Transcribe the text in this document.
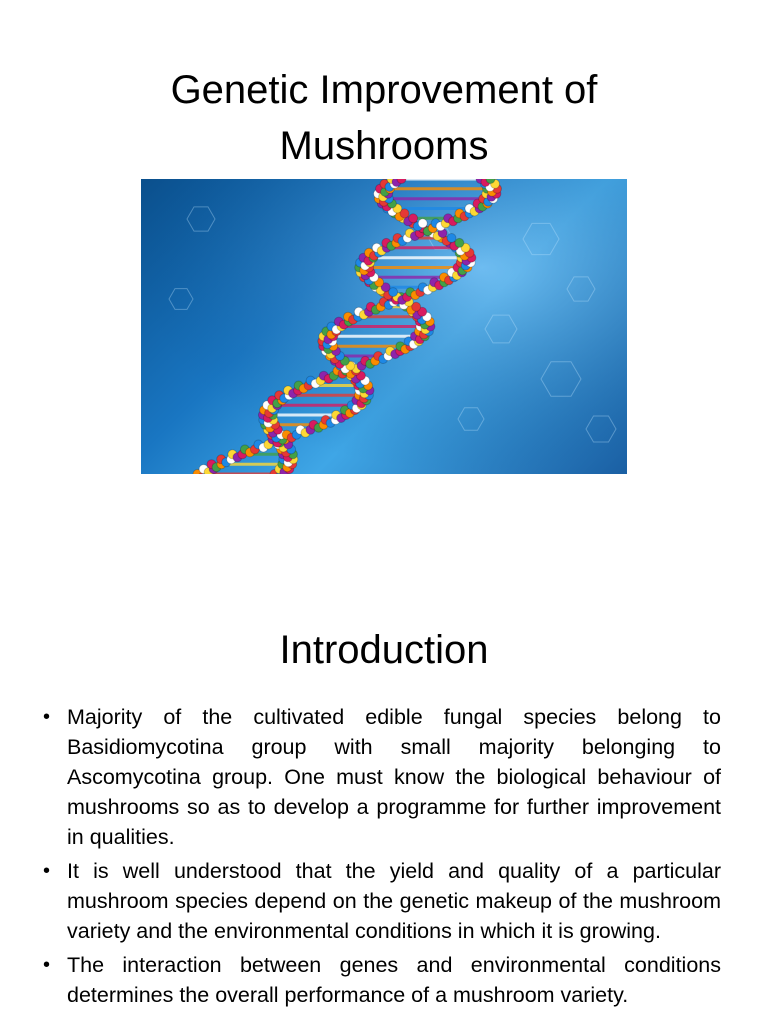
Genetic Improvement of
Mushrooms
Introduction
• Majority of the cultivated edible fungal species belong to Basidiomycotina group with small majority belonging to Ascomycotina group. One must know the biological behaviour of mushrooms so as to develop a programme for further improvement in qualities.
• It is well understood that the yield and quality of a particular mushroom species depend on the genetic makeup of the mushroom variety and the environmental conditions in which it is growing.
• The interaction between genes and environmental conditions determines the overall performance of a mushroom variety.
